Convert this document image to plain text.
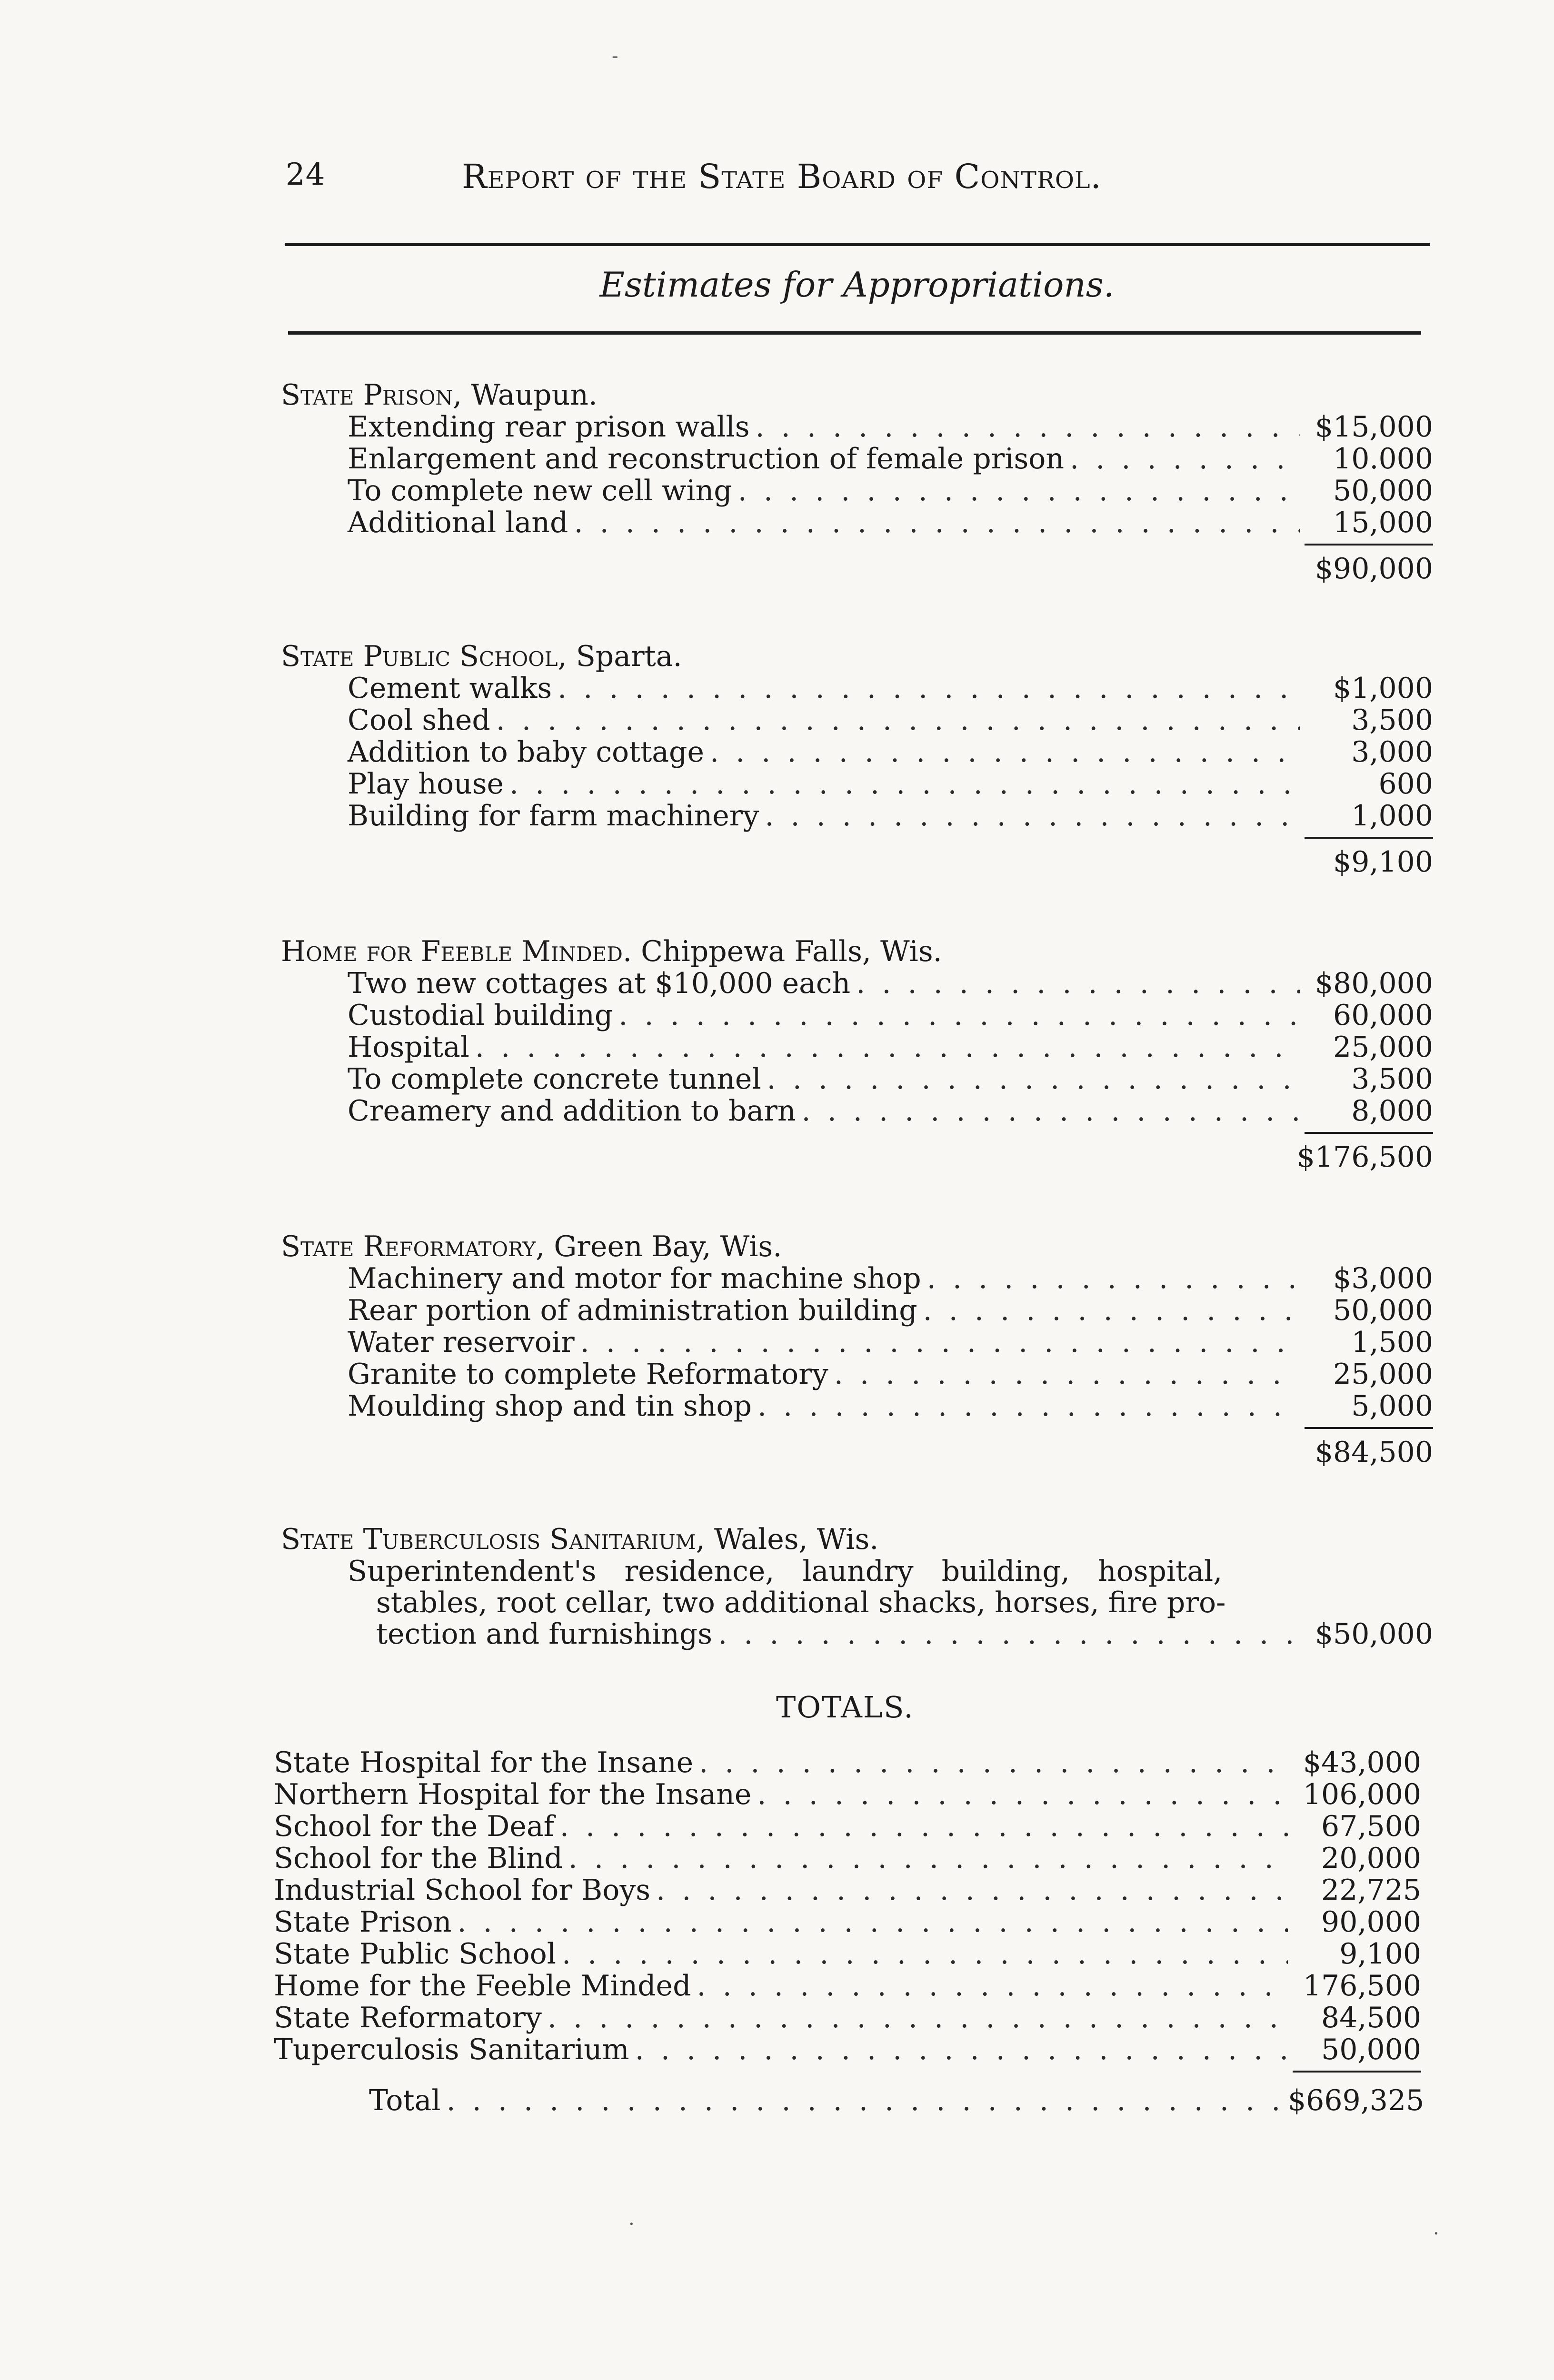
-
24	Report of the State Board of Control.
Estimates for Appropriations.
State Prison, Waupun.
Extending rear prison walls . . .	$15,000
Enlargement and reconstruction of female prison . . .	10.000
To complete new cell wing . . .	50,000
Additional land . . .	15,000
$90,000
State Public School, Sparta.
Cement walks . . .	$1,000
Cool shed . . .	3,500
Addition to baby cottage . . .	3,000
Play house . . .	600
Building for farm machinery . . .	1,000
$9,100
Home for Feeble Minded. Chippewa Falls, Wis.
Two new cottages at $10,000 each . . .	$80,000
Custodial building . . .	60,000
Hospital . . .	25,000
To complete concrete tunnel . . .	3,500
Creamery and addition to barn . . .	8,000
$176,500
State Reformatory, Green Bay, Wis.
Machinery and motor for machine shop . . .	$3,000
Rear portion of administration building . . .	50,000
Water reservoir . . .	1,500
Granite to complete Reformatory . . .	25,000
Moulding shop and tin shop . . .	5,000
$84,500
State Tuberculosis Sanitarium, Wales, Wis.
Superintendent's residence, laundry building, hospital,
stables, root cellar, two additional shacks, horses, fire pro-
tection and furnishings . . .	$50,000
TOTALS.
State Hospital for the Insane . . .	$43,000
Northern Hospital for the Insane . . .	106,000
School for the Deaf . . .	67,500
School for the Blind . . .	20,000
Industrial School for Boys . . .	22,725
State Prison . . .	90,000
State Public School . . .	9,100
Home for the Feeble Minded . . .	176,500
State Reformatory . . .	84,500
Tuperculosis Sanitarium . . .	50,000
Total . . .	$669,325
·	·
